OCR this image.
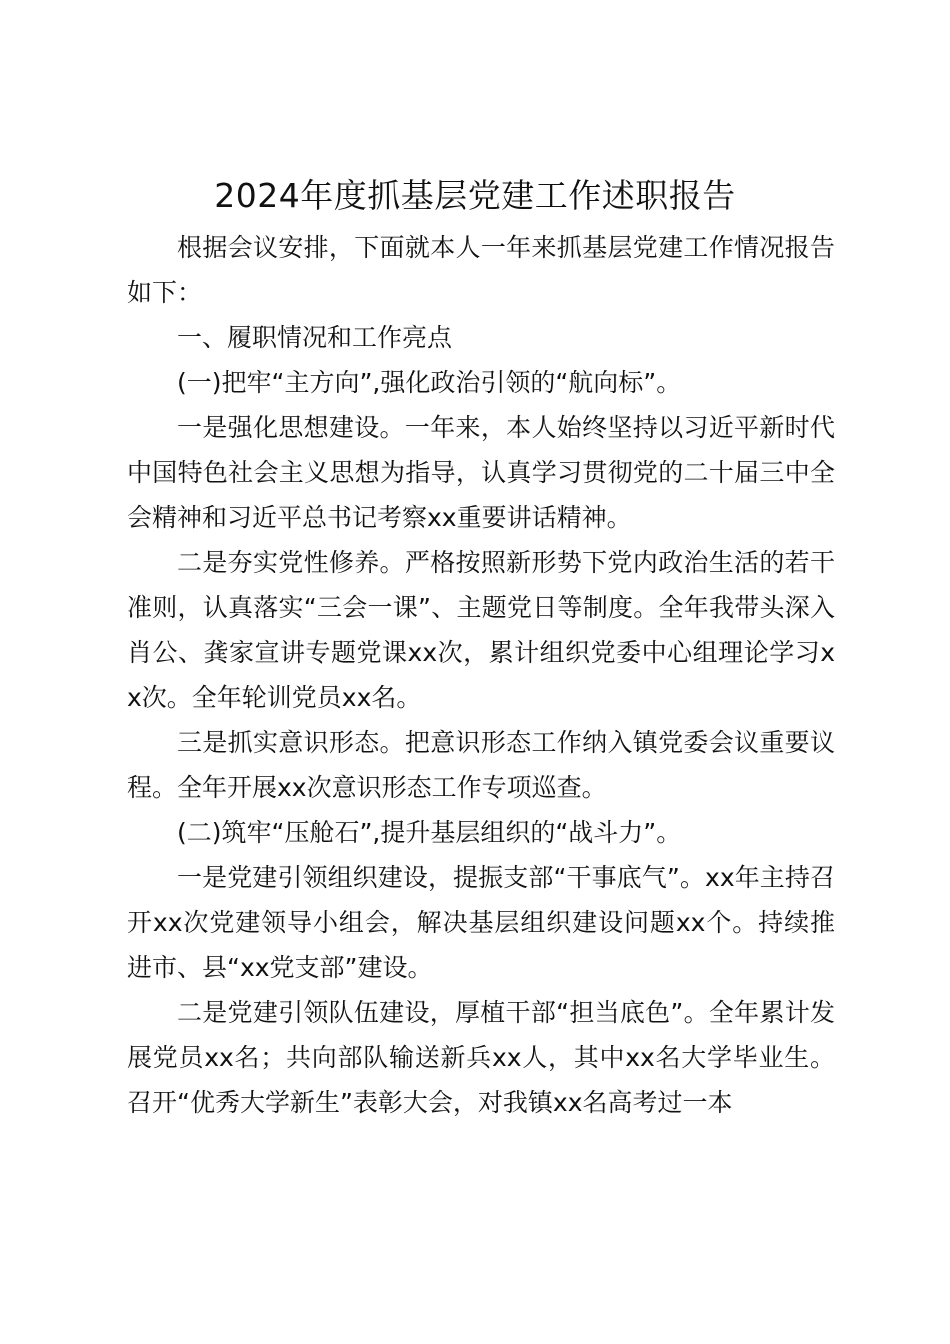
2024年度抓基层党建工作述职报告

根据会议安排，下面就本人一年来抓基层党建工作情况报告如下：

一、履职情况和工作亮点

(一)把牢“主方向”,强化政治引领的“航向标”。

一是强化思想建设。一年来，本人始终坚持以习近平新时代中国特色社会主义思想为指导，认真学习贯彻党的二十届三中全会精神和习近平总书记考察xx重要讲话精神。

二是夯实党性修养。严格按照新形势下党内政治生活的若干准则，认真落实“三会一课”、主题党日等制度。全年我带头深入肖公、龚家宣讲专题党课xx次，累计组织党委中心组理论学习xx次。全年轮训党员xx名。

三是抓实意识形态。把意识形态工作纳入镇党委会议重要议程。全年开展xx次意识形态工作专项巡查。

(二)筑牢“压舱石”,提升基层组织的“战斗力”。

一是党建引领组织建设，提振支部“干事底气”。xx年主持召开xx次党建领导小组会，解决基层组织建设问题xx个。持续推进市、县“xx党支部”建设。

二是党建引领队伍建设，厚植干部“担当底色”。全年累计发展党员xx名；共向部队输送新兵xx人，其中xx名大学毕业生。召开“优秀大学新生”表彰大会，对我镇xx名高考过一本
